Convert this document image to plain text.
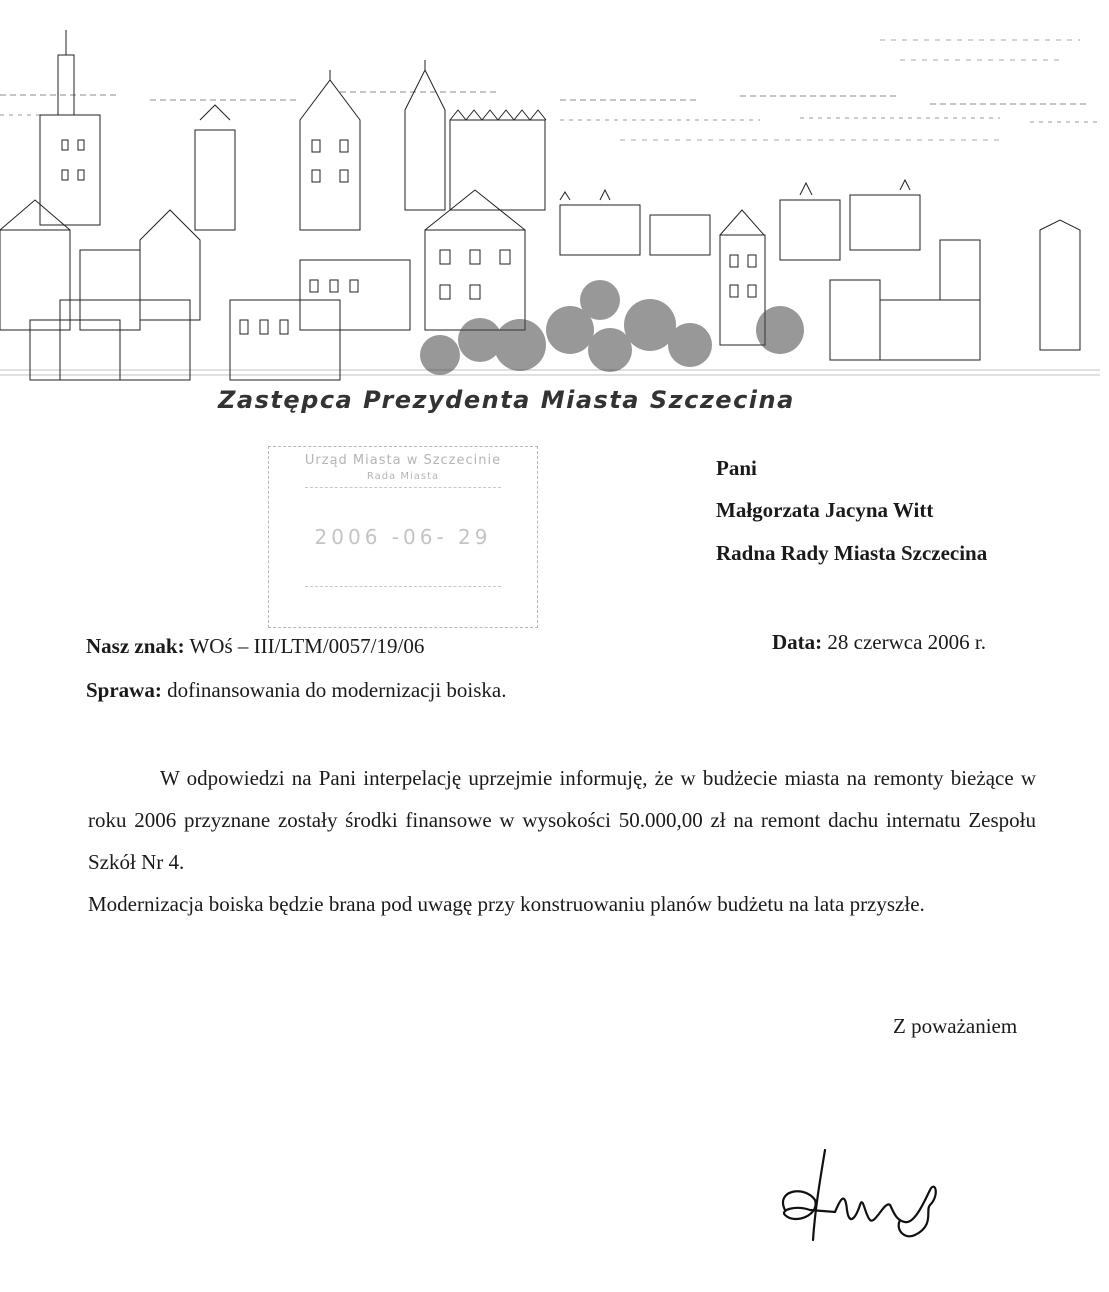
Zastępca Prezydenta Miasta Szczecina
Urząd Miasta w Szczecinie
Rada Miasta
2006 -06- 29
Pani
Małgorzata Jacyna Witt
Radna Rady Miasta Szczecina
Nasz znak: WOś – III/LTM/0057/19/06	Data: 28 czerwca 2006 r.
Sprawa: dofinansowania do modernizacji boiska.
W odpowiedzi na Pani interpelację uprzejmie informuję, że w budżecie miasta na remonty bieżące w roku 2006 przyznane zostały środki finansowe w wysokości 50.000,00 zł na remont dachu internatu Zespołu Szkół Nr 4.
Modernizacja boiska będzie brana pod uwagę przy konstruowaniu planów budżetu na lata przyszłe.
Z poważaniem
